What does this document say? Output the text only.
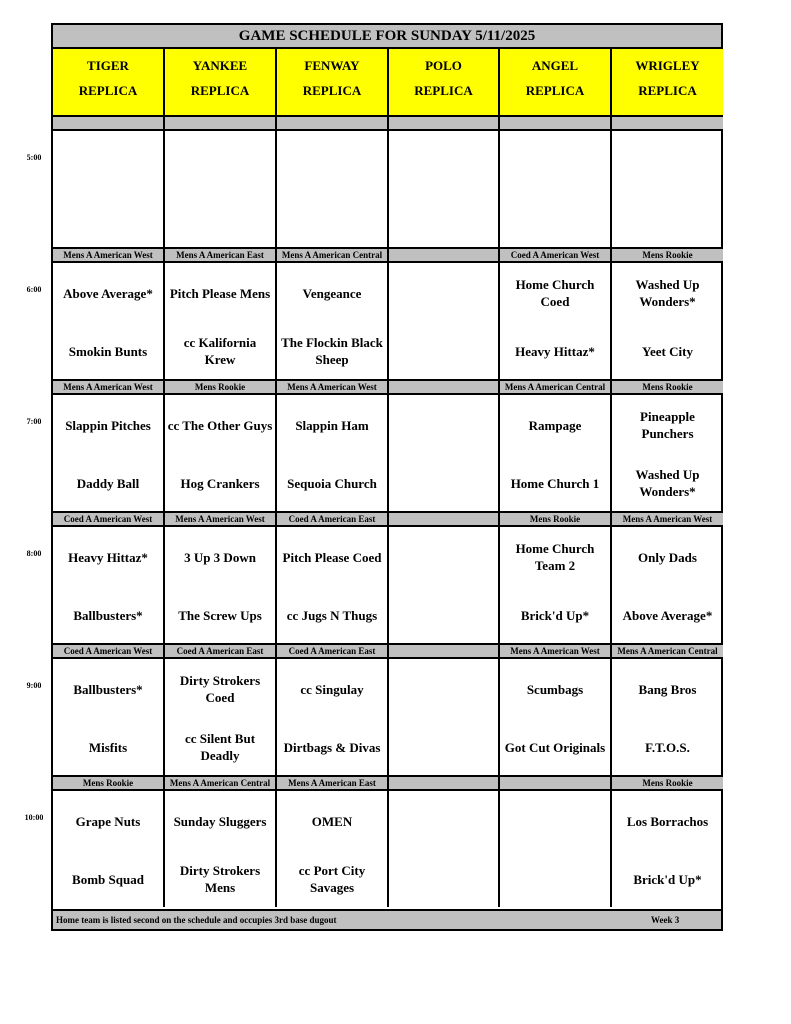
GAME SCHEDULE FOR SUNDAY 5/11/2025
TIGER
REPLICA
YANKEE
REPLICA
FENWAY
REPLICA
POLO
REPLICA
ANGEL
REPLICA
WRIGLEY
REPLICA
Mens A American West
Above Average*
Smokin Bunts
Mens A American East
Pitch Please Mens
cc Kalifornia Krew
Mens A American Central
Vengeance
The Flockin Black Sheep
Coed A American West
Home Church Coed
Heavy Hittaz*
Mens Rookie
Washed Up Wonders*
Yeet City
Mens A American West
Slappin Pitches
Daddy Ball
Mens Rookie
cc The Other Guys
Hog Crankers
Mens A American West
Slappin Ham
Sequoia Church
Mens A American Central
Rampage
Home Church 1
Mens Rookie
Pineapple Punchers
Washed Up Wonders*
Coed A American West
Heavy Hittaz*
Ballbusters*
Mens A American West
3 Up 3 Down
The Screw Ups
Coed A American East
Pitch Please Coed
cc Jugs N Thugs
Mens Rookie
Home Church Team 2
Brick'd Up*
Mens A American West
Only Dads
Above Average*
Coed A American West
Ballbusters*
Misfits
Coed A American East
Dirty Strokers Coed
cc Silent But Deadly
Coed A American East
cc Singulay
Dirtbags & Divas
Mens A American West
Scumbags
Got Cut Originals
Mens A American Central
Bang Bros
F.T.O.S.
Mens Rookie
Grape Nuts
Bomb Squad
Mens A American Central
Sunday Sluggers
Dirty Strokers Mens
Mens A American East
OMEN
cc Port City Savages
Mens Rookie
Los Borrachos
Brick'd Up*
Home team is listed second on the schedule and occupies 3rd base dugout	Week 3
5:00
6:00
7:00
8:00
9:00
10:00
